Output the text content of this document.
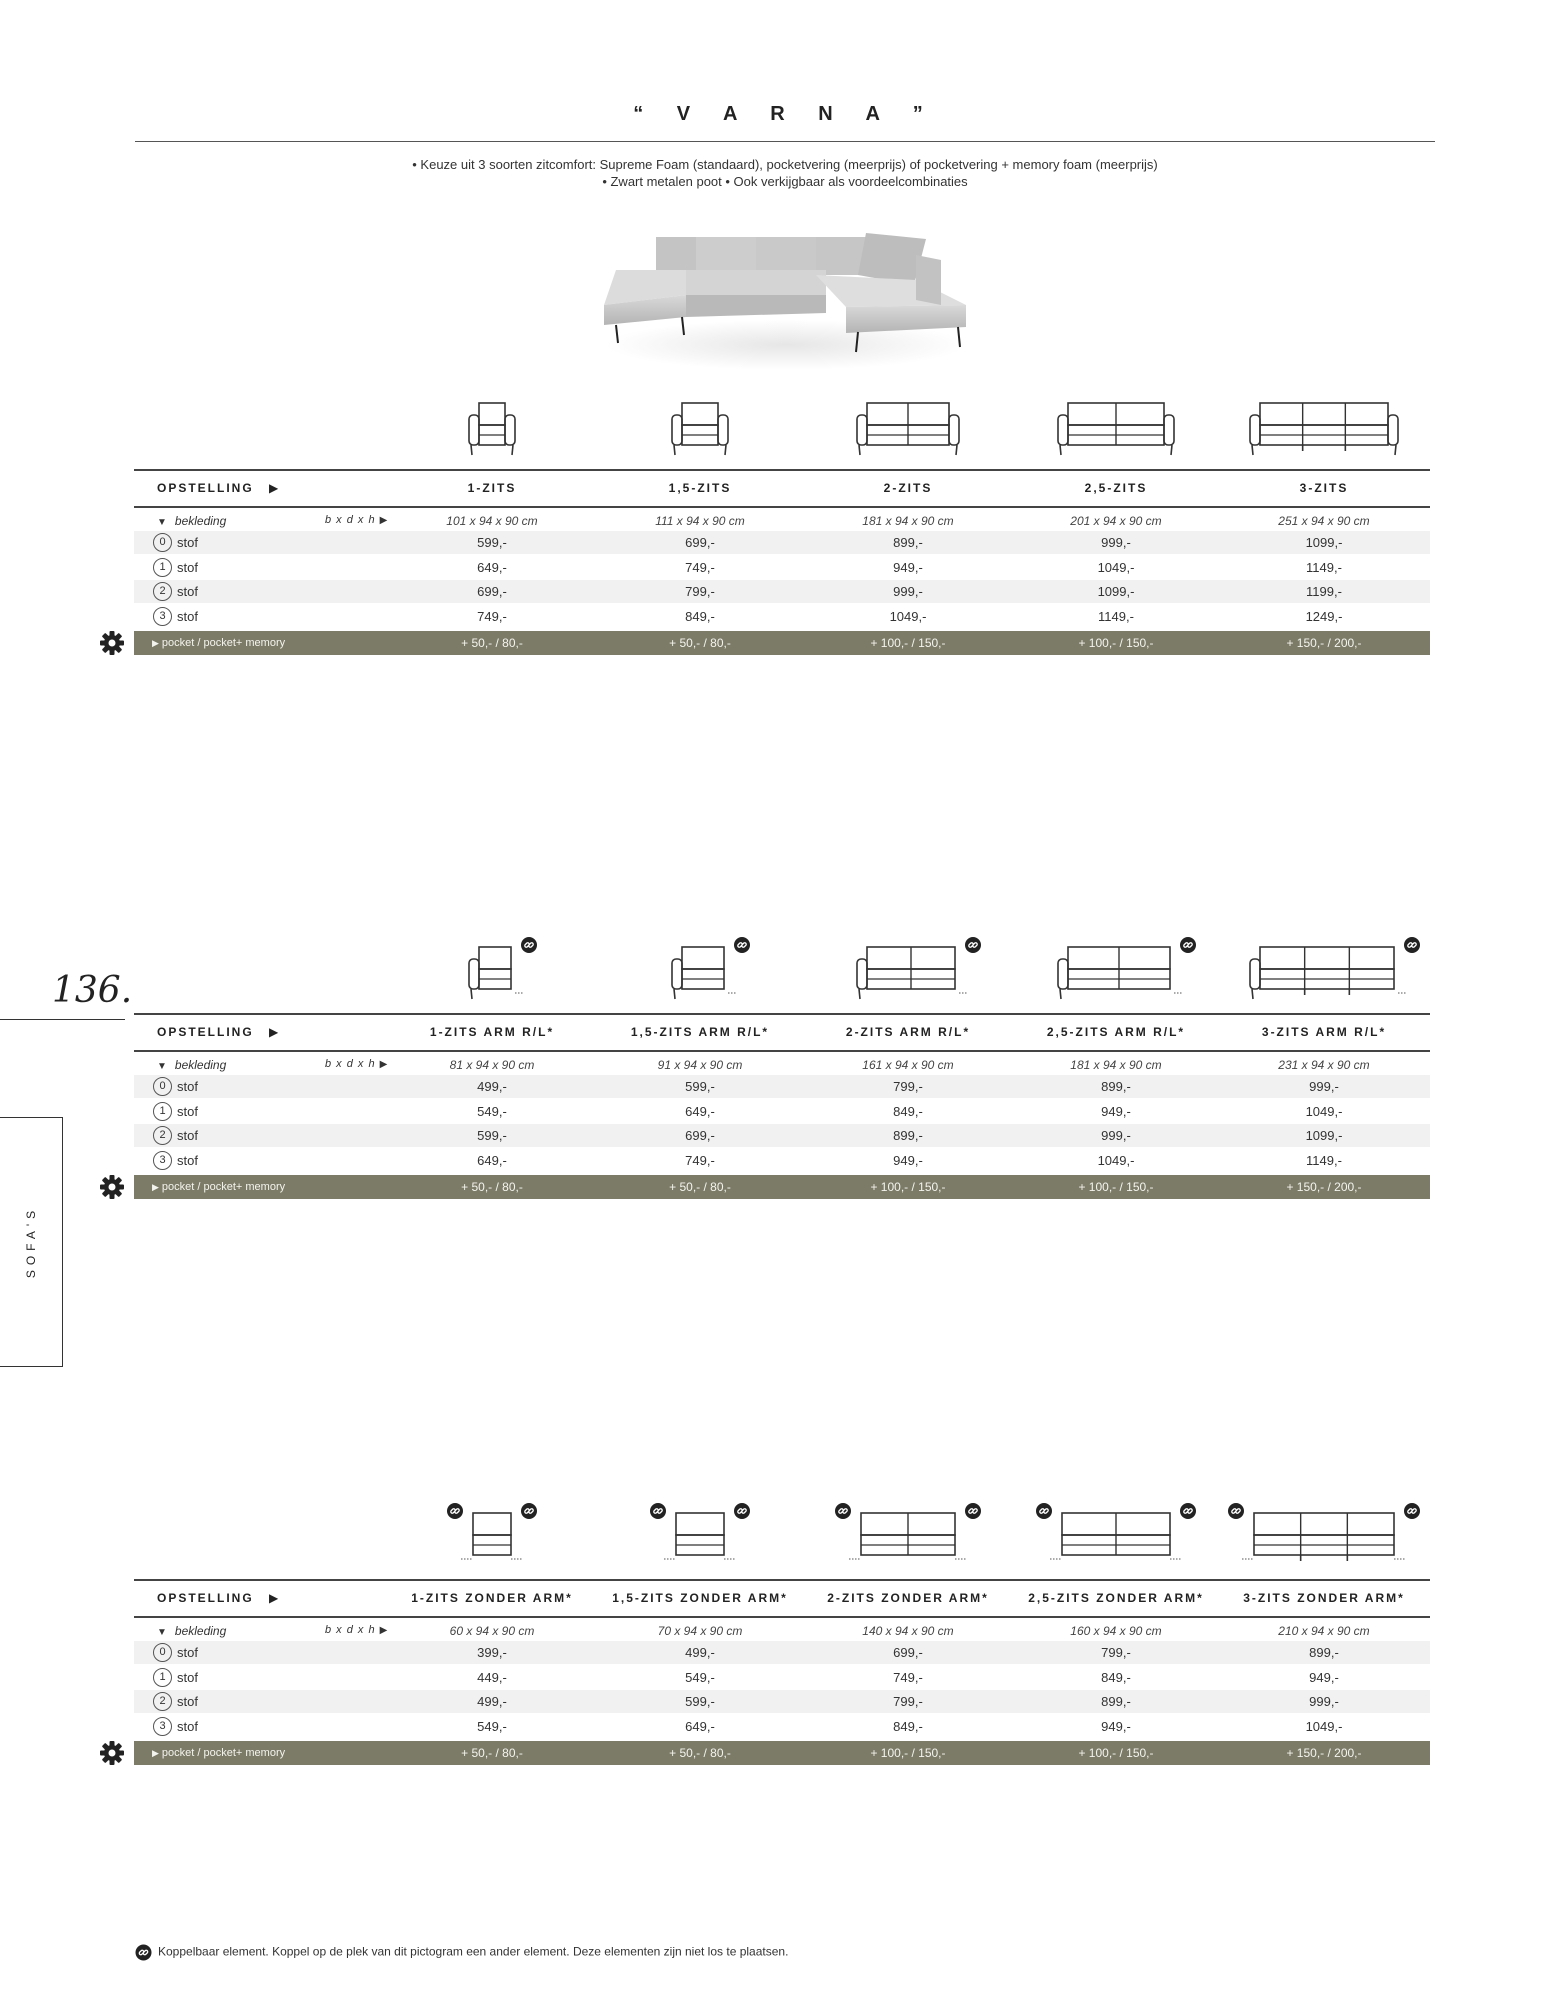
“ V A R N A ”
• Keuze uit 3 soorten zitcomfort: Supreme Foam (standaard), pocketvering (meerprijs) of pocketvering + memory foam (meerprijs)
• Zwart metalen poot • Ook verkijgbaar als voordeelcombinaties
136.
SOFA'S
OPSTELLING ▶	1-ZITS	1,5-ZITS	2-ZITS	2,5-ZITS	3-ZITS
▼ bekleding	b x d x h ▶	101 x 94 x 90 cm	111 x 94 x 90 cm	181 x 94 x 90 cm	201 x 94 x 90 cm	251 x 94 x 90 cm
0 stof	599,-	699,-	899,-	999,-	1099,-
1 stof	649,-	749,-	949,-	1049,-	1149,-
2 stof	699,-	799,-	999,-	1099,-	1199,-
3 stof	749,-	849,-	1049,-	1149,-	1249,-
▶ pocket / pocket+ memory	+ 50,- / 80,-	+ 50,- / 80,-	+ 100,- / 150,-	+ 100,- / 150,-	+ 150,- / 200,-
OPSTELLING ▶	1-ZITS ARM R/L*	1,5-ZITS ARM R/L*	2-ZITS ARM R/L*	2,5-ZITS ARM R/L*	3-ZITS ARM R/L*
▼ bekleding	b x d x h ▶	81 x 94 x 90 cm	91 x 94 x 90 cm	161 x 94 x 90 cm	181 x 94 x 90 cm	231 x 94 x 90 cm
0 stof	499,-	599,-	799,-	899,-	999,-
1 stof	549,-	649,-	849,-	949,-	1049,-
2 stof	599,-	699,-	899,-	999,-	1099,-
3 stof	649,-	749,-	949,-	1049,-	1149,-
▶ pocket / pocket+ memory	+ 50,- / 80,-	+ 50,- / 80,-	+ 100,- / 150,-	+ 100,- / 150,-	+ 150,- / 200,-
OPSTELLING ▶	1-ZITS ZONDER ARM*	1,5-ZITS ZONDER ARM*	2-ZITS ZONDER ARM*	2,5-ZITS ZONDER ARM*	3-ZITS ZONDER ARM*
▼ bekleding	b x d x h ▶	60 x 94 x 90 cm	70 x 94 x 90 cm	140 x 94 x 90 cm	160 x 94 x 90 cm	210 x 94 x 90 cm
0 stof	399,-	499,-	699,-	799,-	899,-
1 stof	449,-	549,-	749,-	849,-	949,-
2 stof	499,-	599,-	799,-	899,-	999,-
3 stof	549,-	649,-	849,-	949,-	1049,-
▶ pocket / pocket+ memory	+ 50,- / 80,-	+ 50,- / 80,-	+ 100,- / 150,-	+ 100,- / 150,-	+ 150,- / 200,-
Koppelbaar element. Koppel op de plek van dit pictogram een ander element. Deze elementen zijn niet los te plaatsen.
